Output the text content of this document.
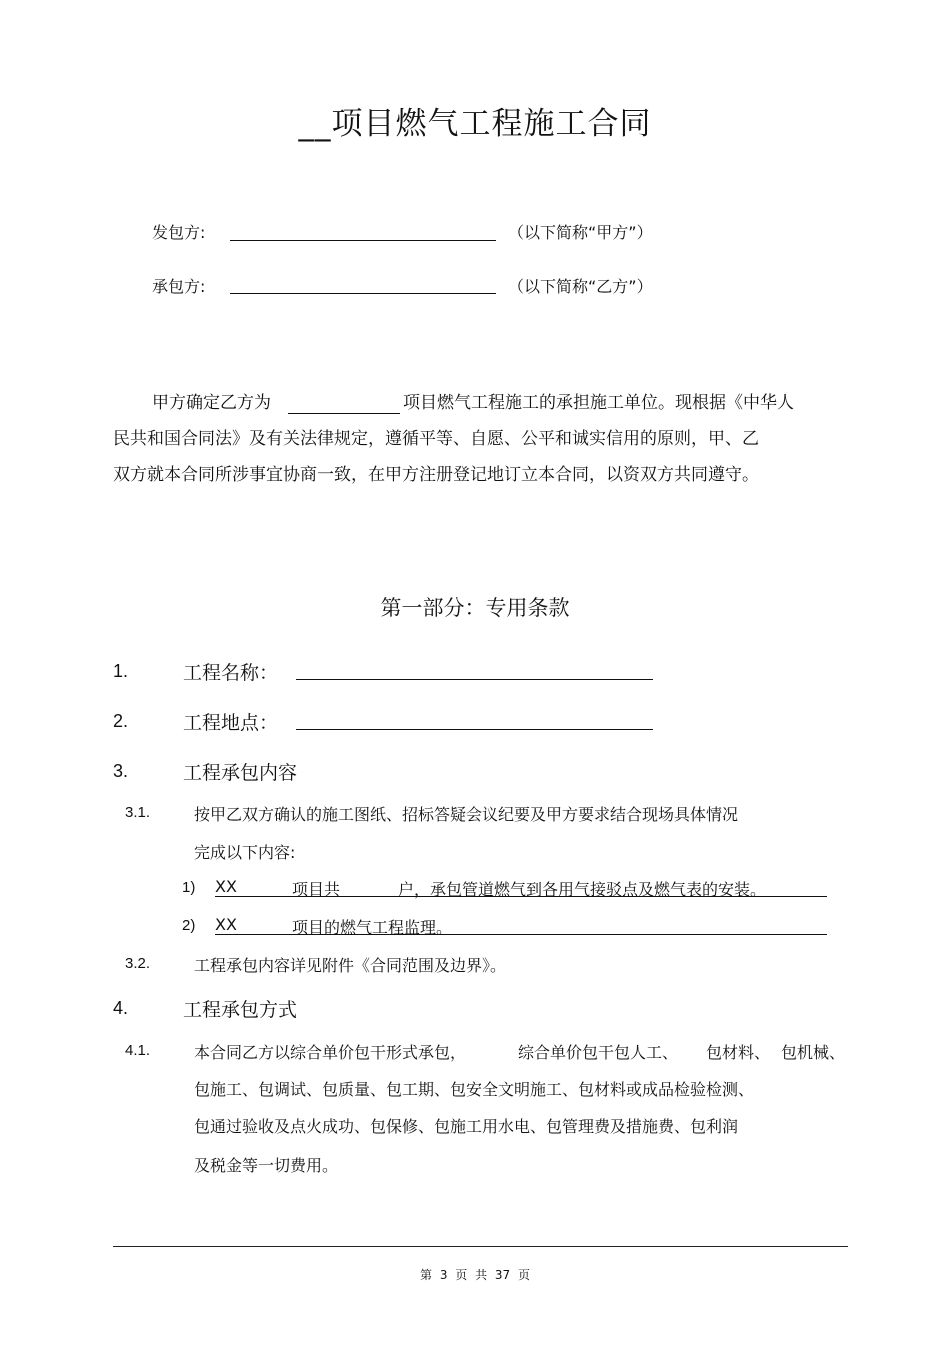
__项目燃气工程施工合同
发包方:	（以下简称“甲方”）
承包方:	（以下简称“乙方”）
甲方确定乙方为	项目燃气工程施工的承担施工单位。现根据《中华人
民共和国合同法》及有关法律规定，遵循平等、自愿、公平和诚实信用的原则，甲、乙
双方就本合同所涉事宜协商一致，在甲方注册登记地订立本合同，以资双方共同遵守。
第一部分：专用条款
1.	工程名称：
2.	工程地点：
3.	工程承包内容
3.1.	按甲乙双方确认的施工图纸、招标答疑会议纪要及甲方要求结合现场具体情况
完成以下内容:
1) XX	项目共	户，承包管道燃气到各用气接驳点及燃气表的安装。
2) XX	项目的燃气工程监理。
3.2.	工程承包内容详见附件《合同范围及边界》。
4.	工程承包方式
4.1.	本合同乙方以综合单价包干形式承包，	综合单价包干包人工、 包材料、 包机械、
包施工、包调试、包质量、包工期、包安全文明施工、包材料或成品检验检测、
包通过验收及点火成功、包保修、包施工用水电、包管理费及措施费、包利润
及税金等一切费用。
第 3 页 共 37 页
